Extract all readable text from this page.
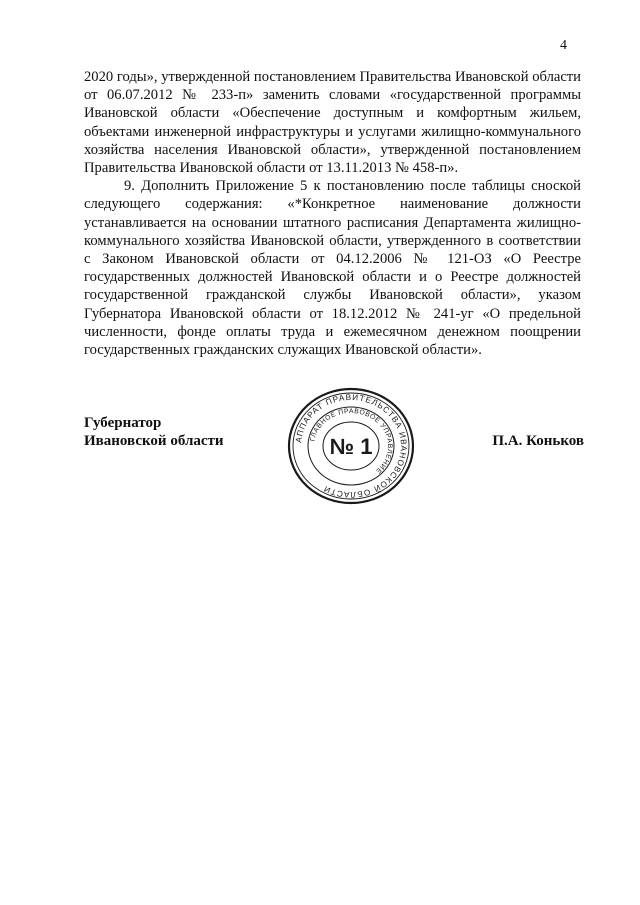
4

2020 годы», утвержденной постановлением Правительства Ивановской области от 06.07.2012 № 233-п» заменить словами «государственной программы Ивановской области «Обеспечение доступным и комфортным жильем, объектами инженерной инфраструктуры и услугами жилищно-коммунального хозяйства населения Ивановской области», утвержденной постановлением Правительства Ивановской области от 13.11.2013 № 458-п».

9. Дополнить Приложение 5 к постановлению после таблицы сноской следующего содержания: «*Конкретное наименование должности устанавливается на основании штатного расписания Департамента жилищно-коммунального хозяйства Ивановской области, утвержденного в соответствии с Законом Ивановской области от 04.12.2006 № 121-ОЗ «О Реестре государственных должностей Ивановской области и о Реестре должностей государственной гражданской службы Ивановской области», указом Губернатора Ивановской области от 18.12.2012 № 241-уг «О предельной численности, фонде оплаты труда и ежемесячном денежном поощрении государственных гражданских служащих Ивановской области».

Губернатор
Ивановской области	П.А. Коньков
АППАРАТ ПРАВИТЕЛЬСТВА ИВАНОВСКОЙ ОБЛАСТИ
ГЛАВНОЕ ПРАВОВОЕ УПРАВЛЕНИЕ
№ 1
